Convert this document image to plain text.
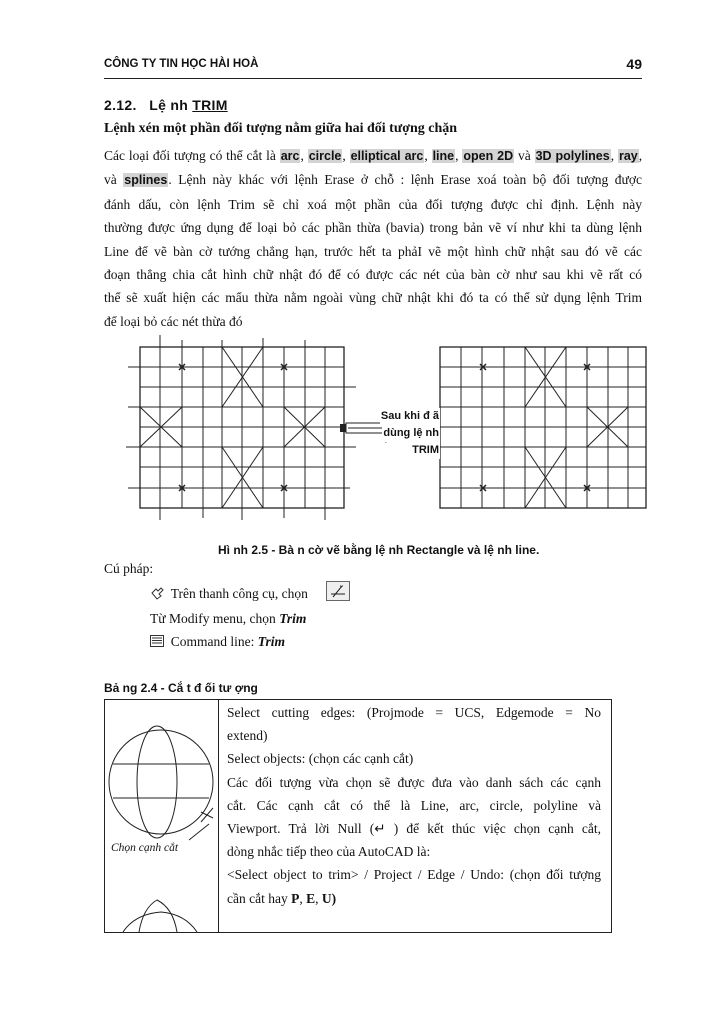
CÔNG TY TIN HỌC HÀI HOÀ	49
2.12. Lệ nh TRIM
Lệnh xén một phần đối tượng nằm giữa hai đối tượng chặn
Các loại đối tượng có thể cắt là arc, circle, elliptical arc, line, open 2D và 3D polylines, ray,
và splines. Lệnh này khác với lệnh Erase ở chỗ : lệnh Erase xoá toàn bộ đối tượng được
đánh dấu, còn lệnh Trim sẽ chỉ xoá một phần của đối tượng được chỉ định. Lệnh này
thường được ứng dụng để loại bỏ các phần thừa (bavia) trong bản vẽ ví như khi ta dùng lệnh
Line để vẽ bàn cờ tướng chẳng hạn, trước hết ta phảI vẽ một hình chữ nhật sau đó vẽ các
đoạn thẳng chia cắt hình chữ nhật đó để có được các nét của bàn cờ như sau khi vẽ rất có
thể sẽ xuất hiện các mẩu thừa nằm ngoài vùng chữ nhật khi đó ta có thể sử dụng lệnh Trim
để loại bỏ các nét thừa đó
Sau khi đ ã
dùng lệ nh
TRIM
Hì nh 2.5 - Bà n cờ vẽ bằng lệ nh Rectangle và lệ nh line.
Cú pháp:
Trên thanh công cụ, chọn
Từ Modify menu, chọn Trim
Command line: Trim
Bả ng 2.4 - Cắ t đ ối tư ợng
Chọn cạnh cắt
Select cutting edges: (Projmode = UCS, Edgemode = No
extend)
Select objects: (chọn các cạnh cắt)
Các đối tượng vừa chọn sẽ được đưa vào danh sách các cạnh
cắt. Các cạnh cắt có thể là Line, arc, circle, polyline và
Viewport. Trả lời Null (↵ ) để kết thúc việc chọn cạnh cắt,
dòng nhắc tiếp theo của AutoCAD là:
<Select object to trim> / Project / Edge / Undo: (chọn đối tượng
cần cắt hay P, E, U)
